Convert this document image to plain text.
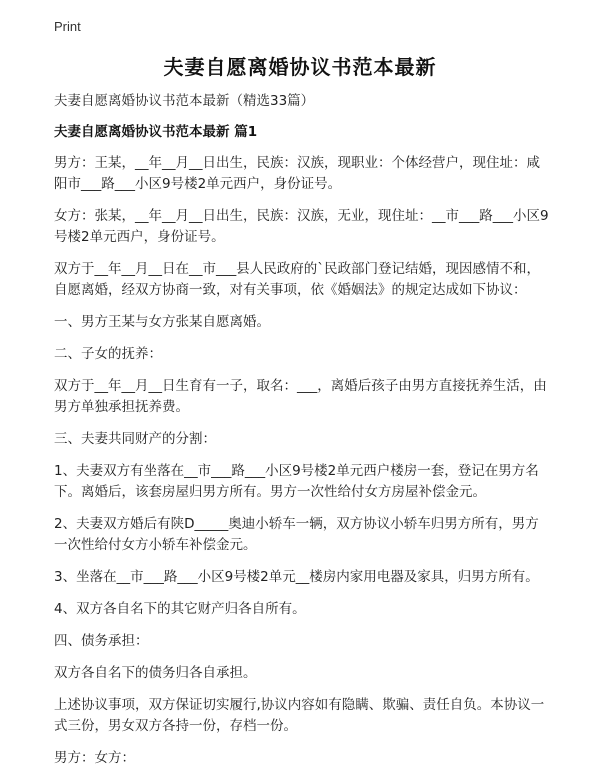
Print
夫妻自愿离婚协议书范本最新

夫妻自愿离婚协议书范本最新（精选33篇）

夫妻自愿离婚协议书范本最新 篇1

男方：王某，__年__月__日出生，民族：汉族，现职业：个体经营户，现住址：咸阳市___路___小区9号楼2单元西户，身份证号。

女方：张某，__年__月__日出生，民族：汉族，无业，现住址：__市___路___小区9号楼2单元西户，身份证号。

双方于__年__月__日在__市___县人民政府的`民政部门登记结婚，现因感情不和，自愿离婚，经双方协商一致，对有关事项，依《婚姻法》的规定达成如下协议：

一、男方王某与女方张某自愿离婚。

二、子女的抚养：

双方于__年__月__日生育有一子，取名：___，离婚后孩子由男方直接抚养生活，由男方单独承担抚养费。

三、夫妻共同财产的分割：

1、夫妻双方有坐落在__市___路___小区9号楼2单元西户楼房一套，登记在男方名下。离婚后，该套房屋归男方所有。男方一次性给付女方房屋补偿金元。

2、夫妻双方婚后有陕D_____奥迪小轿车一辆，双方协议小轿车归男方所有，男方一次性给付女方小轿车补偿金元。

3、坐落在__市___路___小区9号楼2单元__楼房内家用电器及家具，归男方所有。

4、双方各自名下的其它财产归各自所有。

四、债务承担：

双方各自名下的债务归各自承担。

上述协议事项，双方保证切实履行,协议内容如有隐瞒、欺骗、责任自负。本协议一式三份，男女双方各持一份，存档一份。

男方：女方：
